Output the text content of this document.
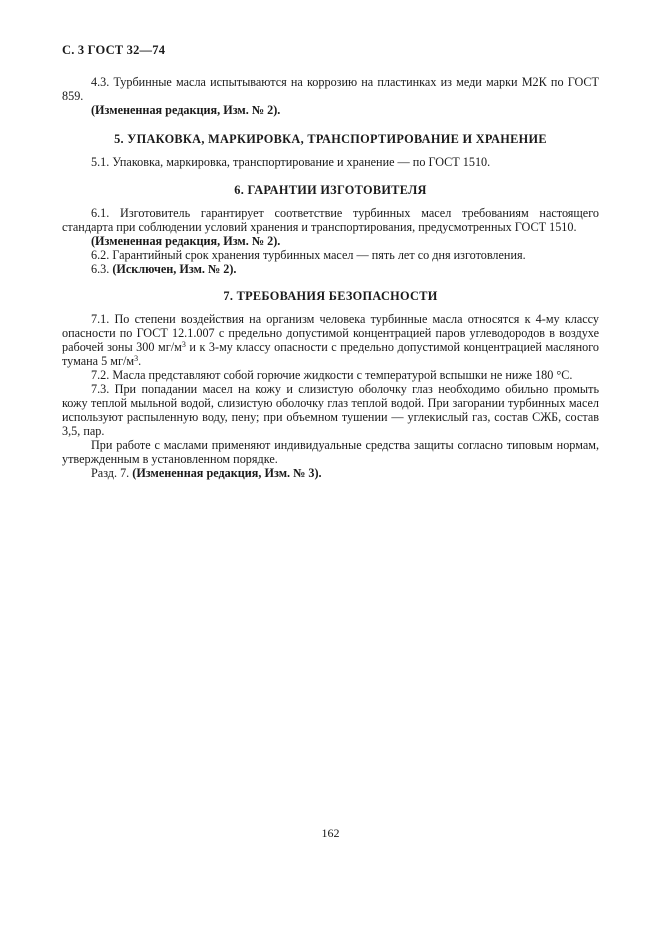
С. 3 ГОСТ 32—74

4.3. Турбинные масла испытываются на коррозию на пластинках из меди марки М2К по ГОСТ 859.

(Измененная редакция, Изм. № 2).

5. УПАКОВКА, МАРКИРОВКА, ТРАНСПОРТИРОВАНИЕ И ХРАНЕНИЕ

5.1. Упаковка, маркировка, транспортирование и хранение — по ГОСТ 1510.

6. ГАРАНТИИ ИЗГОТОВИТЕЛЯ

6.1. Изготовитель гарантирует соответствие турбинных масел требованиям настоящего стандарта при соблюдении условий хранения и транспортирования, предусмотренных ГОСТ 1510.

(Измененная редакция, Изм. № 2).

6.2. Гарантийный срок хранения турбинных масел — пять лет со дня изготовления.

6.3. (Исключен, Изм. № 2).

7. ТРЕБОВАНИЯ БЕЗОПАСНОСТИ

7.1. По степени воздействия на организм человека турбинные масла относятся к 4-му классу опасности по ГОСТ 12.1.007 с предельно допустимой концентрацией паров углеводородов в воздухе рабочей зоны 300 $мг/м^3$ и к 3-му классу опасности с предельно допустимой концентрацией масляного тумана 5 $мг/м^3$.

7.2. Масла представляют собой горючие жидкости с температурой вспышки не ниже 180 °С.

7.3. При попадании масел на кожу и слизистую оболочку глаз необходимо обильно промыть кожу теплой мыльной водой, слизистую оболочку глаз теплой водой. При загорании турбинных масел используют распыленную воду, пену; при объемном тушении — углекислый газ, состав СЖБ, состав 3,5, пар.

При работе с маслами применяют индивидуальные средства защиты согласно типовым нормам, утвержденным в установленном порядке.

Разд. 7. (Измененная редакция, Изм. № 3).

162
